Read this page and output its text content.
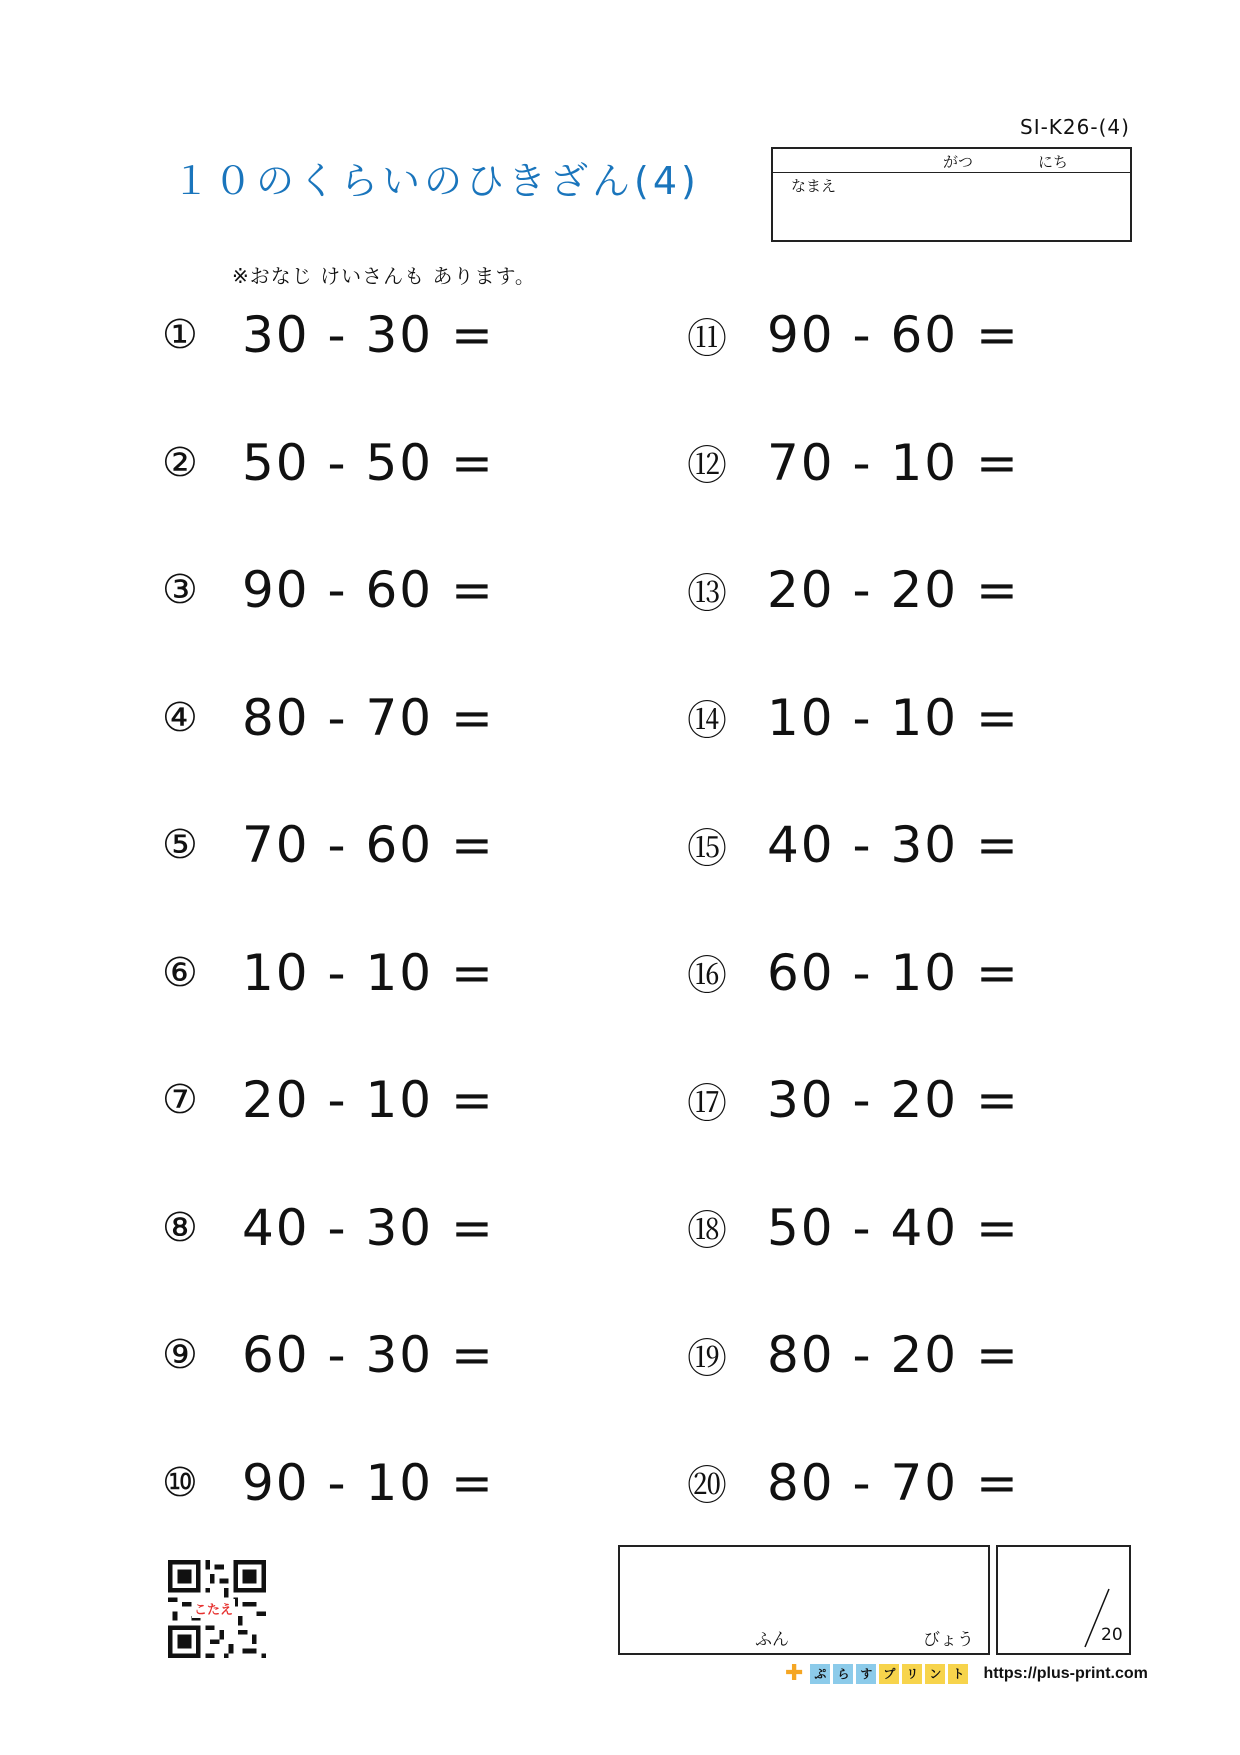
SI-K26-(4)
１０のくらいのひきざん(4)	がつ	にち
なまえ
※おなじ けいさんも あります。
① 30 - 30 =
② 50 - 50 =
③ 90 - 60 =
④ 80 - 70 =
⑤ 70 - 60 =
⑥ 10 - 10 =
⑦ 20 - 10 =
⑧ 40 - 30 =
⑨ 60 - 30 =
⑩ 90 - 10 =
⑪ 90 - 60 =
⑫ 70 - 10 =
⑬ 20 - 20 =
⑭ 10 - 10 =
⑮ 40 - 30 =
⑯ 60 - 10 =
⑰ 30 - 20 =
⑱ 50 - 40 =
⑲ 80 - 20 =
⑳ 80 - 70 =
こたえ
ふん	びょう	20
✚ ぷ ら す プ リ ン ト https://plus-print.com
